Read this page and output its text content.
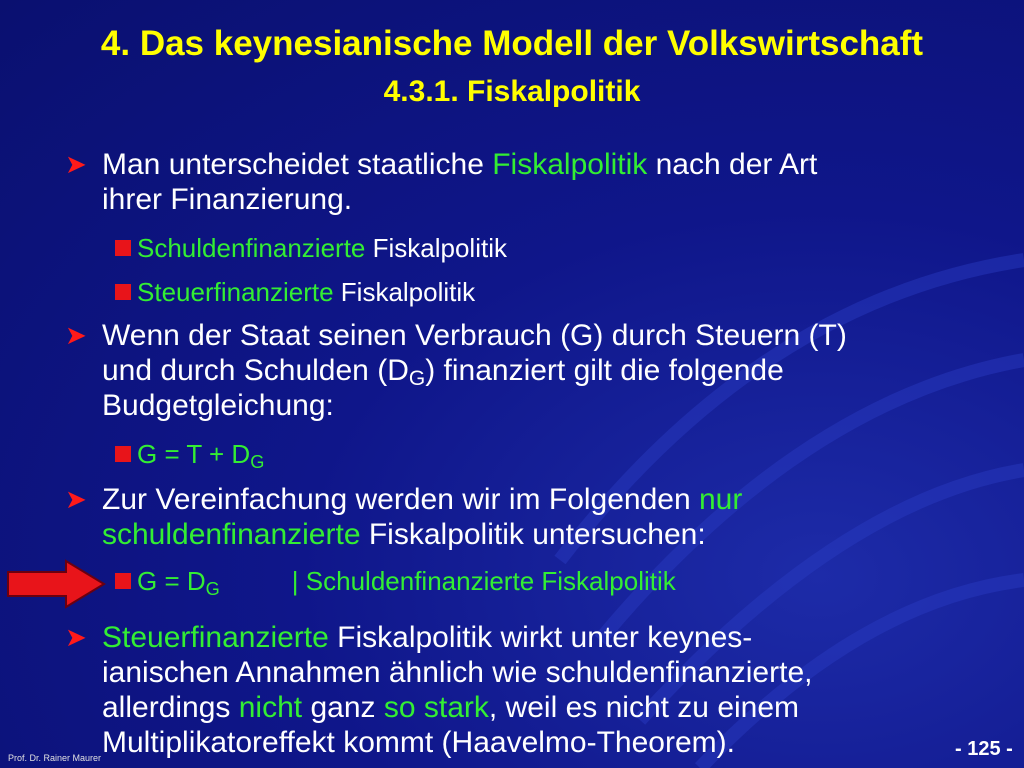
4. Das keynesianische Modell der Volkswirtschaft
4.3.1. Fiskalpolitik
➤ Man unterscheidet staatliche Fiskalpolitik nach der Art
ihrer Finanzierung.
Schuldenfinanzierte Fiskalpolitik
Steuerfinanzierte Fiskalpolitik
➤ Wenn der Staat seinen Verbrauch (G) durch Steuern (T)
und durch Schulden $(D_G)$ finanziert gilt die folgende
Budgetgleichung:
$G = T + D_G$
➤ Zur Vereinfachung werden wir im Folgenden nur
schuldenfinanzierte Fiskalpolitik untersuchen:
$G = D_G$	| Schuldenfinanzierte Fiskalpolitik
➤ Steuerfinanzierte Fiskalpolitik wirkt unter keynes-
ianischen Annahmen ähnlich wie schuldenfinanzierte,
allerdings nicht ganz so stark, weil es nicht zu einem
Multiplikatoreffekt kommt (Haavelmo-Theorem).
Prof. Dr. Rainer Maurer	- 125 -
